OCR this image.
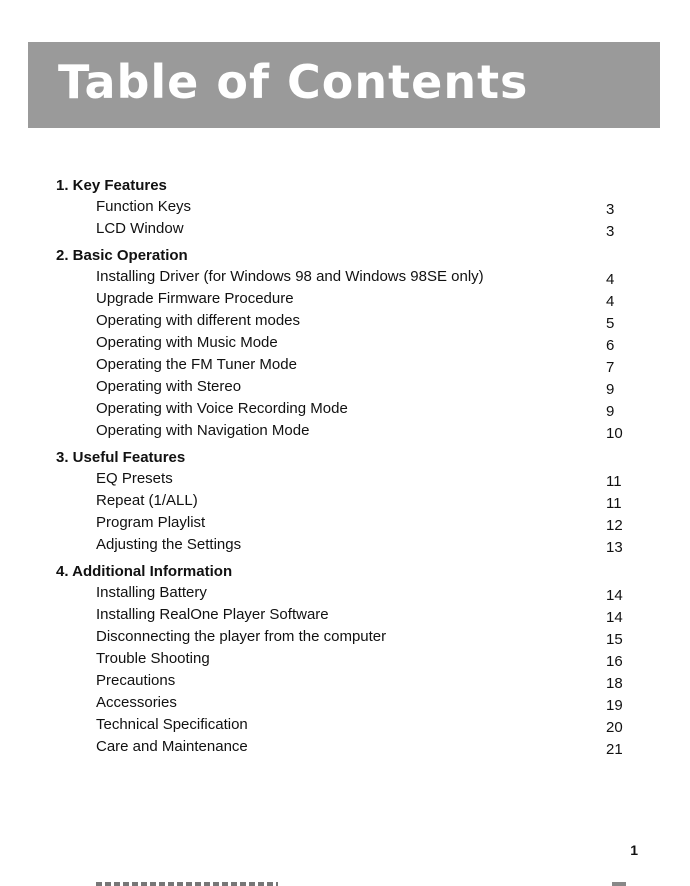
Table of Contents
1. Key Features
Function Keys	3
LCD Window	3
2. Basic Operation
Installing Driver (for Windows 98 and Windows 98SE only)	4
Upgrade Firmware Procedure	4
Operating with different modes	5
Operating with Music Mode	6
Operating the FM Tuner Mode	7
Operating with Stereo	9
Operating with Voice Recording Mode	9
Operating with Navigation Mode	10
3. Useful Features
EQ Presets	11
Repeat (1/ALL)	11
Program Playlist	12
Adjusting the Settings	13
4. Additional Information
Installing Battery	14
Installing RealOne Player Software	14
Disconnecting the player from the computer	15
Trouble Shooting	16
Precautions	18
Accessories	19
Technical Specification	20
Care and Maintenance	21
1
